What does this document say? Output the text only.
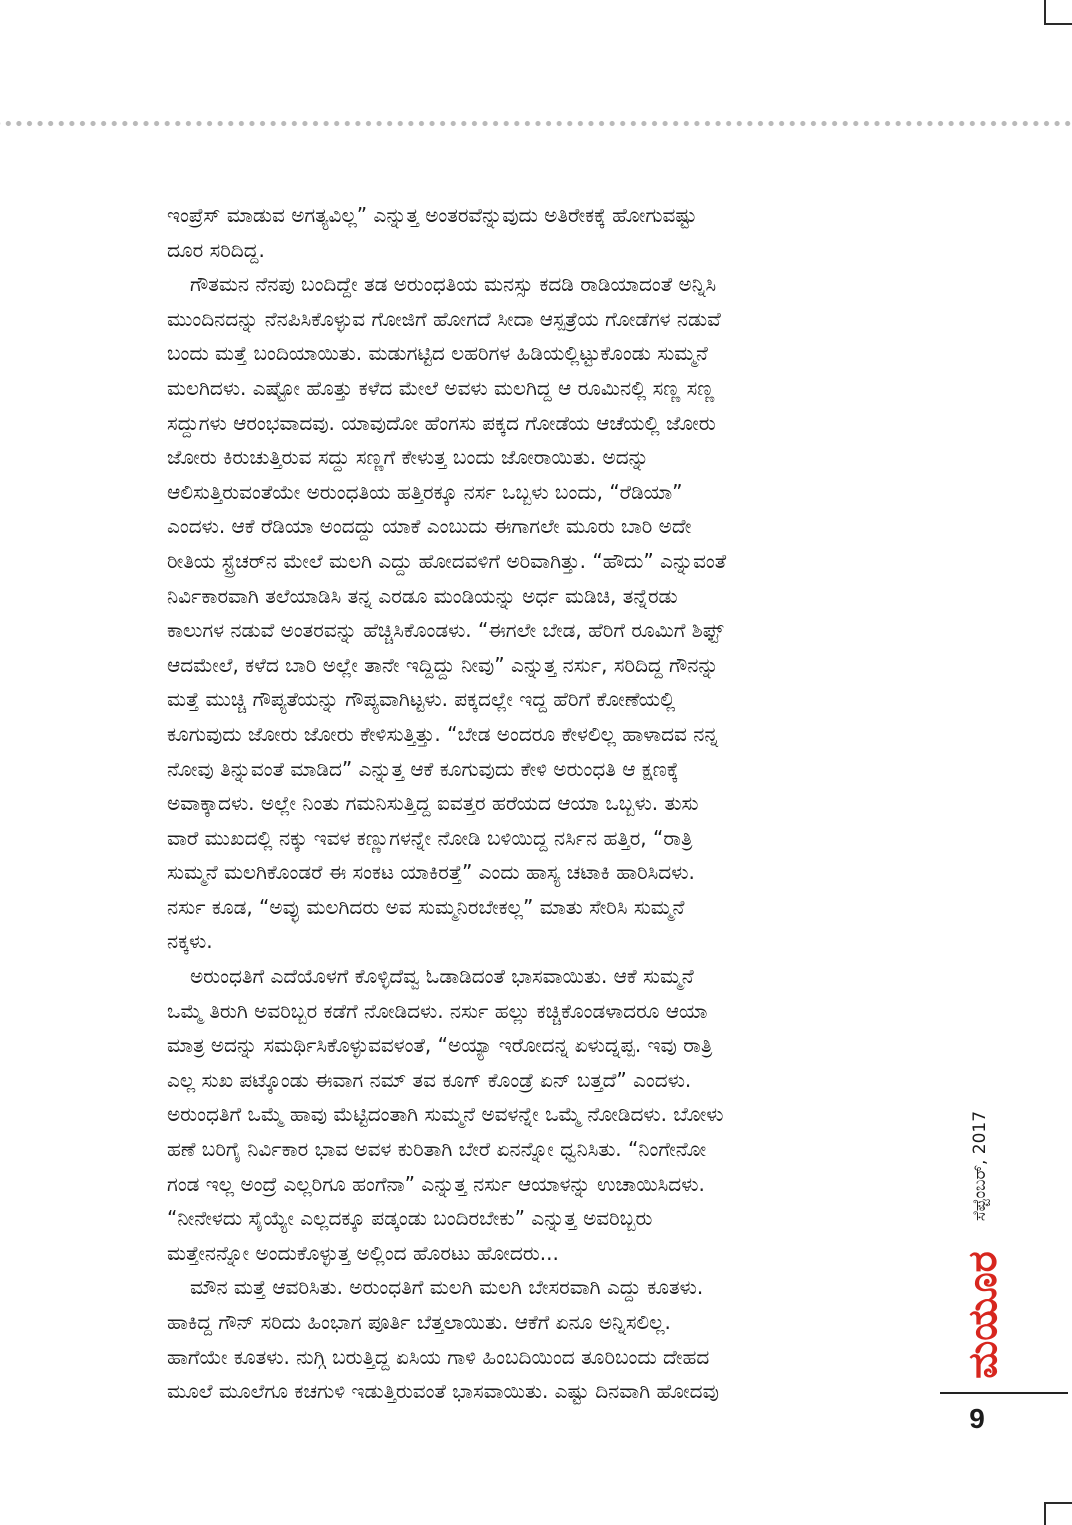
ಇಂಪ್ರೆಸ್ ಮಾಡುವ ಅಗತ್ಯವಿಲ್ಲ” ಎನ್ನುತ್ತ ಅಂತರವೆನ್ನುವುದು ಅತಿರೇಕಕ್ಕೆ ಹೋಗುವಷ್ಟು
ದೂರ ಸರಿದಿದ್ದ.
ಗೌತಮನ ನೆನಪು ಬಂದಿದ್ದೇ ತಡ ಅರುಂಧತಿಯ ಮನಸ್ಸು ಕದಡಿ ರಾಡಿಯಾದಂತೆ ಅನ್ನಿಸಿ
ಮುಂದಿನದನ್ನು ನೆನಪಿಸಿಕೊಳ್ಳುವ ಗೋಜಿಗೆ ಹೋಗದೆ ಸೀದಾ ಆಸ್ಪತ್ರೆಯ ಗೋಡೆಗಳ ನಡುವೆ
ಬಂದು ಮತ್ತೆ ಬಂದಿಯಾಯಿತು. ಮಡುಗಟ್ಟಿದ ಲಹರಿಗಳ ಹಿಡಿಯಲ್ಲಿಟ್ಟುಕೊಂಡು ಸುಮ್ಮನೆ
ಮಲಗಿದಳು. ಎಷ್ಟೋ ಹೊತ್ತು ಕಳೆದ ಮೇಲೆ ಅವಳು ಮಲಗಿದ್ದ ಆ ರೂಮಿನಲ್ಲಿ ಸಣ್ಣ ಸಣ್ಣ
ಸದ್ದುಗಳು ಆರಂಭವಾದವು. ಯಾವುದೋ ಹೆಂಗಸು ಪಕ್ಕದ ಗೋಡೆಯ ಆಚೆಯಲ್ಲಿ ಜೋರು
ಜೋರು ಕಿರುಚುತ್ತಿರುವ ಸದ್ದು ಸಣ್ಣಗೆ ಕೇಳುತ್ತ ಬಂದು ಜೋರಾಯಿತು. ಅದನ್ನು
ಆಲಿಸುತ್ತಿರುವಂತೆಯೇ ಅರುಂಧತಿಯ ಹತ್ತಿರಕ್ಕೂ ನರ್ಸ ಒಬ್ಬಳು ಬಂದು, “ರೆಡಿಯಾ”
ಎಂದಳು. ಆಕೆ ರೆಡಿಯಾ ಅಂದದ್ದು ಯಾಕೆ ಎಂಬುದು ಈಗಾಗಲೇ ಮೂರು ಬಾರಿ ಅದೇ
ರೀತಿಯ ಸ್ಟ್ರೆಚರ್‌ನ ಮೇಲೆ ಮಲಗಿ ಎದ್ದು ಹೋದವಳಿಗೆ ಅರಿವಾಗಿತ್ತು. “ಹೌದು” ಎನ್ನುವಂತೆ
ನಿರ್ವಿಕಾರವಾಗಿ ತಲೆಯಾಡಿಸಿ ತನ್ನ ಎರಡೂ ಮಂಡಿಯನ್ನು ಅರ್ಧ ಮಡಿಚಿ, ತನ್ನೆರಡು
ಕಾಲುಗಳ ನಡುವೆ ಅಂತರವನ್ನು ಹೆಚ್ಚಿಸಿಕೊಂಡಳು. “ಈಗಲೇ ಬೇಡ, ಹೆರಿಗೆ ರೂಮಿಗೆ ಶಿಫ್ಟ್
ಆದಮೇಲೆ, ಕಳೆದ ಬಾರಿ ಅಲ್ಲೇ ತಾನೇ ಇದ್ದಿದ್ದು ನೀವು” ಎನ್ನುತ್ತ ನರ್ಸು, ಸರಿದಿದ್ದ ಗೌನನ್ನು
ಮತ್ತೆ ಮುಚ್ಚಿ ಗೌಪ್ಯತೆಯನ್ನು ಗೌಪ್ಯವಾಗಿಟ್ಟಳು. ಪಕ್ಕದಲ್ಲೇ ಇದ್ದ ಹೆರಿಗೆ ಕೋಣೆಯಲ್ಲಿ
ಕೂಗುವುದು ಜೋರು ಜೋರು ಕೇಳಿಸುತ್ತಿತ್ತು. “ಬೇಡ ಅಂದರೂ ಕೇಳಲಿಲ್ಲ ಹಾಳಾದವ ನನ್ನ
ನೋವು ತಿನ್ನುವಂತೆ ಮಾಡಿದ” ಎನ್ನುತ್ತ ಆಕೆ ಕೂಗುವುದು ಕೇಳಿ ಅರುಂಧತಿ ಆ ಕ್ಷಣಕ್ಕೆ
ಅವಾಕ್ಕಾದಳು. ಅಲ್ಲೇ ನಿಂತು ಗಮನಿಸುತ್ತಿದ್ದ ಐವತ್ತರ ಹರೆಯದ ಆಯಾ ಒಬ್ಬಳು. ತುಸು
ವಾರೆ ಮುಖದಲ್ಲಿ ನಕ್ಕು ಇವಳ ಕಣ್ಣುಗಳನ್ನೇ ನೋಡಿ ಬಳಿಯಿದ್ದ ನರ್ಸಿನ ಹತ್ತಿರ, “ರಾತ್ರಿ
ಸುಮ್ಮನೆ ಮಲಗಿಕೊಂಡರೆ ಈ ಸಂಕಟ ಯಾಕಿರತ್ತೆ” ಎಂದು ಹಾಸ್ಯ ಚಟಾಕಿ ಹಾರಿಸಿದಳು.
ನರ್ಸು ಕೂಡ, “ಅವ್ಳು ಮಲಗಿದರು ಅವ ಸುಮ್ಮನಿರಬೇಕಲ್ಲ” ಮಾತು ಸೇರಿಸಿ ಸುಮ್ಮನೆ
ನಕ್ಕಳು.
ಅರುಂಧತಿಗೆ ಎದೆಯೊಳಗೆ ಕೊಳ್ಳಿದೆವ್ವ ಓಡಾಡಿದಂತೆ ಭಾಸವಾಯಿತು. ಆಕೆ ಸುಮ್ಮನೆ
ಒಮ್ಮೆ ತಿರುಗಿ ಅವರಿಬ್ಬರ ಕಡೆಗೆ ನೋಡಿದಳು. ನರ್ಸು ಹಲ್ಲು ಕಚ್ಚಿಕೊಂಡಳಾದರೂ ಆಯಾ
ಮಾತ್ರ ಅದನ್ನು ಸಮರ್ಥಿಸಿಕೊಳ್ಳುವವಳಂತೆ, “ಅಯ್ಯಾ ಇರೋದನ್ನ ಏಳುದ್ನಪ್ಪ. ಇವು ರಾತ್ರಿ
ಎಲ್ಲ ಸುಖ ಪಟ್ಕೊಂಡು ಈವಾಗ ನಮ್ ತವ ಕೂಗ್ ಕೊಂಡ್ರೆ ಏನ್ ಬತ್ತದೆ” ಎಂದಳು.
ಅರುಂಧತಿಗೆ ಒಮ್ಮೆ ಹಾವು ಮೆಟ್ಟಿದಂತಾಗಿ ಸುಮ್ಮನೆ ಅವಳನ್ನೇ ಒಮ್ಮೆ ನೋಡಿದಳು. ಬೋಳು
ಹಣೆ ಬರಿಗೈ ನಿರ್ವಿಕಾರ ಭಾವ ಅವಳ ಕುರಿತಾಗಿ ಬೇರೆ ಏನನ್ನೋ ಧ್ವನಿಸಿತು. “ನಿಂಗೇನೋ
ಗಂಡ ಇಲ್ಲ ಅಂದ್ರೆ ಎಲ್ಲರಿಗೂ ಹಂಗೆನಾ” ಎನ್ನುತ್ತ ನರ್ಸು ಆಯಾಳನ್ನು ಉಚಾಯಿಸಿದಳು.
“ನೀನೇಳದು ಸೈಯ್ಯೇ ಎಲ್ಲದಕ್ಕೂ ಪಡ್ಕಂಡು ಬಂದಿರಬೇಕು” ಎನ್ನುತ್ತ ಅವರಿಬ್ಬರು
ಮತ್ತೇನನ್ನೋ ಅಂದುಕೊಳ್ಳುತ್ತ ಅಲ್ಲಿಂದ ಹೊರಟು ಹೋದರು...
ಮೌನ ಮತ್ತೆ ಆವರಿಸಿತು. ಅರುಂಧತಿಗೆ ಮಲಗಿ ಮಲಗಿ ಬೇಸರವಾಗಿ ಎದ್ದು ಕೂತಳು.
ಹಾಕಿದ್ದ ಗೌನ್ ಸರಿದು ಹಿಂಭಾಗ ಪೂರ್ತಿ ಬೆತ್ತಲಾಯಿತು. ಆಕೆಗೆ ಏನೂ ಅನ್ನಿಸಲಿಲ್ಲ.
ಹಾಗೆಯೇ ಕೂತಳು. ನುಗ್ಗಿ ಬರುತ್ತಿದ್ದ ಏಸಿಯ ಗಾಳಿ ಹಿಂಬದಿಯಿಂದ ತೂರಿಬಂದು ದೇಹದ
ಮೂಲೆ ಮೂಲೆಗೂ ಕಚಗುಳಿ ಇಡುತ್ತಿರುವಂತೆ ಭಾಸವಾಯಿತು. ಎಷ್ಟು ದಿನವಾಗಿ ಹೋದವು
ಸೆಪ್ಟೆಂಬರ್, 2017
ಮಯೂರ
9
